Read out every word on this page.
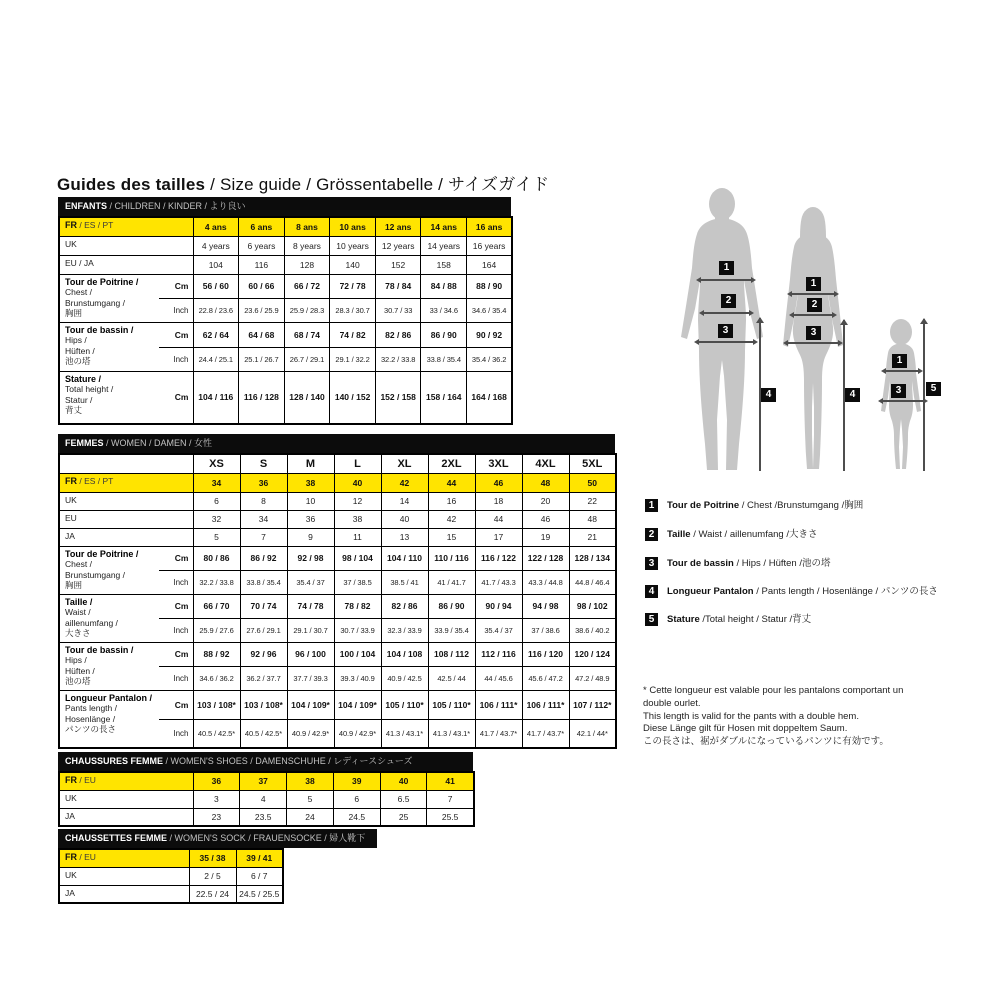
Guides des tailles / Size guide / Grössentabelle / サイズガイド
ENFANTS / CHILDREN / KINDER / より良い
FR / ES / PT		4 ans	6 ans	8 ans	10 ans	12 ans	14 ans	16 ans
UK		4 years	6 years	8 years	10 years	12 years	14 years	16 years
EU / JA		104	116	128	140	152	158	164

Tour de Poitrine /
Chest /
Brunstumgang /
胸囲	Cm	56 / 60	60 / 66	66 / 72	72 / 78	78 / 84	84 / 88	88 / 90
	Inch	22.8 / 23.6	23.6 / 25.9	25.9 / 28.3	28.3 / 30.7	30.7 / 33	33 / 34.6	34.6 / 35.4

Tour de bassin /
Hips /
Hüften /
池の塔	Cm	62 / 64	64 / 68	68 / 74	74 / 82	82 / 86	86 / 90	90 / 92
	Inch	24.4 / 25.1	25.1 / 26.7	26.7 / 29.1	29.1 / 32.2	32.2 / 33.8	33.8 / 35.4	35.4 / 36.2

Stature /
Total height /
Statur /
背丈	Cm	104 / 116	116 / 128	128 / 140	140 / 152	152 / 158	158 / 164	164 / 168
FEMMES / WOMEN / DAMEN / 女性
		XS	S	M	L	XL	2XL	3XL	4XL	5XL
FR / ES / PT		34	36	38	40	42	44	46	48	50
UK		6	8	10	12	14	16	18	20	22
EU		32	34	36	38	40	42	44	46	48
JA		5	7	9	11	13	15	17	19	21

Tour de Poitrine /
Chest /
Brunstumgang /
胸囲	Cm	80 / 86	86 / 92	92 / 98	98 / 104	104 / 110	110 / 116	116 / 122	122 / 128	128 / 134
	Inch	32.2 / 33.8	33.8 / 35.4	35.4 / 37	37 / 38.5	38.5 / 41	41 / 41.7	41.7 / 43.3	43.3 / 44.8	44.8 / 46.4

Taille /
Waist /
aillenumfang /
大きさ	Cm	66 / 70	70 / 74	74 / 78	78 / 82	82 / 86	86 / 90	90 / 94	94 / 98	98 / 102
	Inch	25.9 / 27.6	27.6 / 29.1	29.1 / 30.7	30.7 / 33.9	32.3 / 33.9	33.9 / 35.4	35.4 / 37	37 / 38.6	38.6 / 40.2

Tour de bassin /
Hips /
Hüften /
池の塔	Cm	88 / 92	92 / 96	96 / 100	100 / 104	104 / 108	108 / 112	112 / 116	116 / 120	120 / 124
	Inch	34.6 / 36.2	36.2 / 37.7	37.7 / 39.3	39.3 / 40.9	40.9 / 42.5	42.5 / 44	44 / 45.6	45.6 / 47.2	47.2 / 48.9

Longueur Pantalon /
Pants length /
Hosenlänge /
パンツの長さ	Cm	103 / 108*	103 / 108*	104 / 109*	104 / 109*	105 / 110*	105 / 110*	106 / 111*	106 / 111*	107 / 112*
	Inch	40.5 / 42.5*	40.5 / 42.5*	40.9 / 42.9*	40.9 / 42.9*	41.3 / 43.1*	41.3 / 43.1*	41.7 / 43.7*	41.7 / 43.7*	42.1 / 44*
CHAUSSURES FEMME / WOMEN'S SHOES / DAMENSCHUHE / レディースシューズ
FR / EU	36	37	38	39	40	41
UK	3	4	5	6	6.5	7
JA	23	23.5	24	24.5	25	25.5
CHAUSSETTES FEMME / WOMEN'S SOCK / FRAUENSOCKE / 婦人靴下
FR / EU	35 / 38	39 / 41
UK	2 / 5	6 / 7
JA	22.5 / 24	24.5 / 25.5
1
2
3
4
1
2
3
4
1
3	5
1 Tour de Poitrine / Chest /Brunstumgang /胸囲
2 Taille / Waist / aillenumfang /大きさ
3 Tour de bassin / Hips / Hüften /池の塔
4 Longueur Pantalon / Pants length / Hosenlänge / パンツの長さ
5 Stature /Total height / Statur /背丈
* Cette longueur est valable pour les pantalons comportant un
double ourlet.
This length is valid for the pants with a double hem.
Diese Länge gilt für Hosen mit doppeltem Saum.
この長さは、裾がダブルになっているパンツに有効です。
